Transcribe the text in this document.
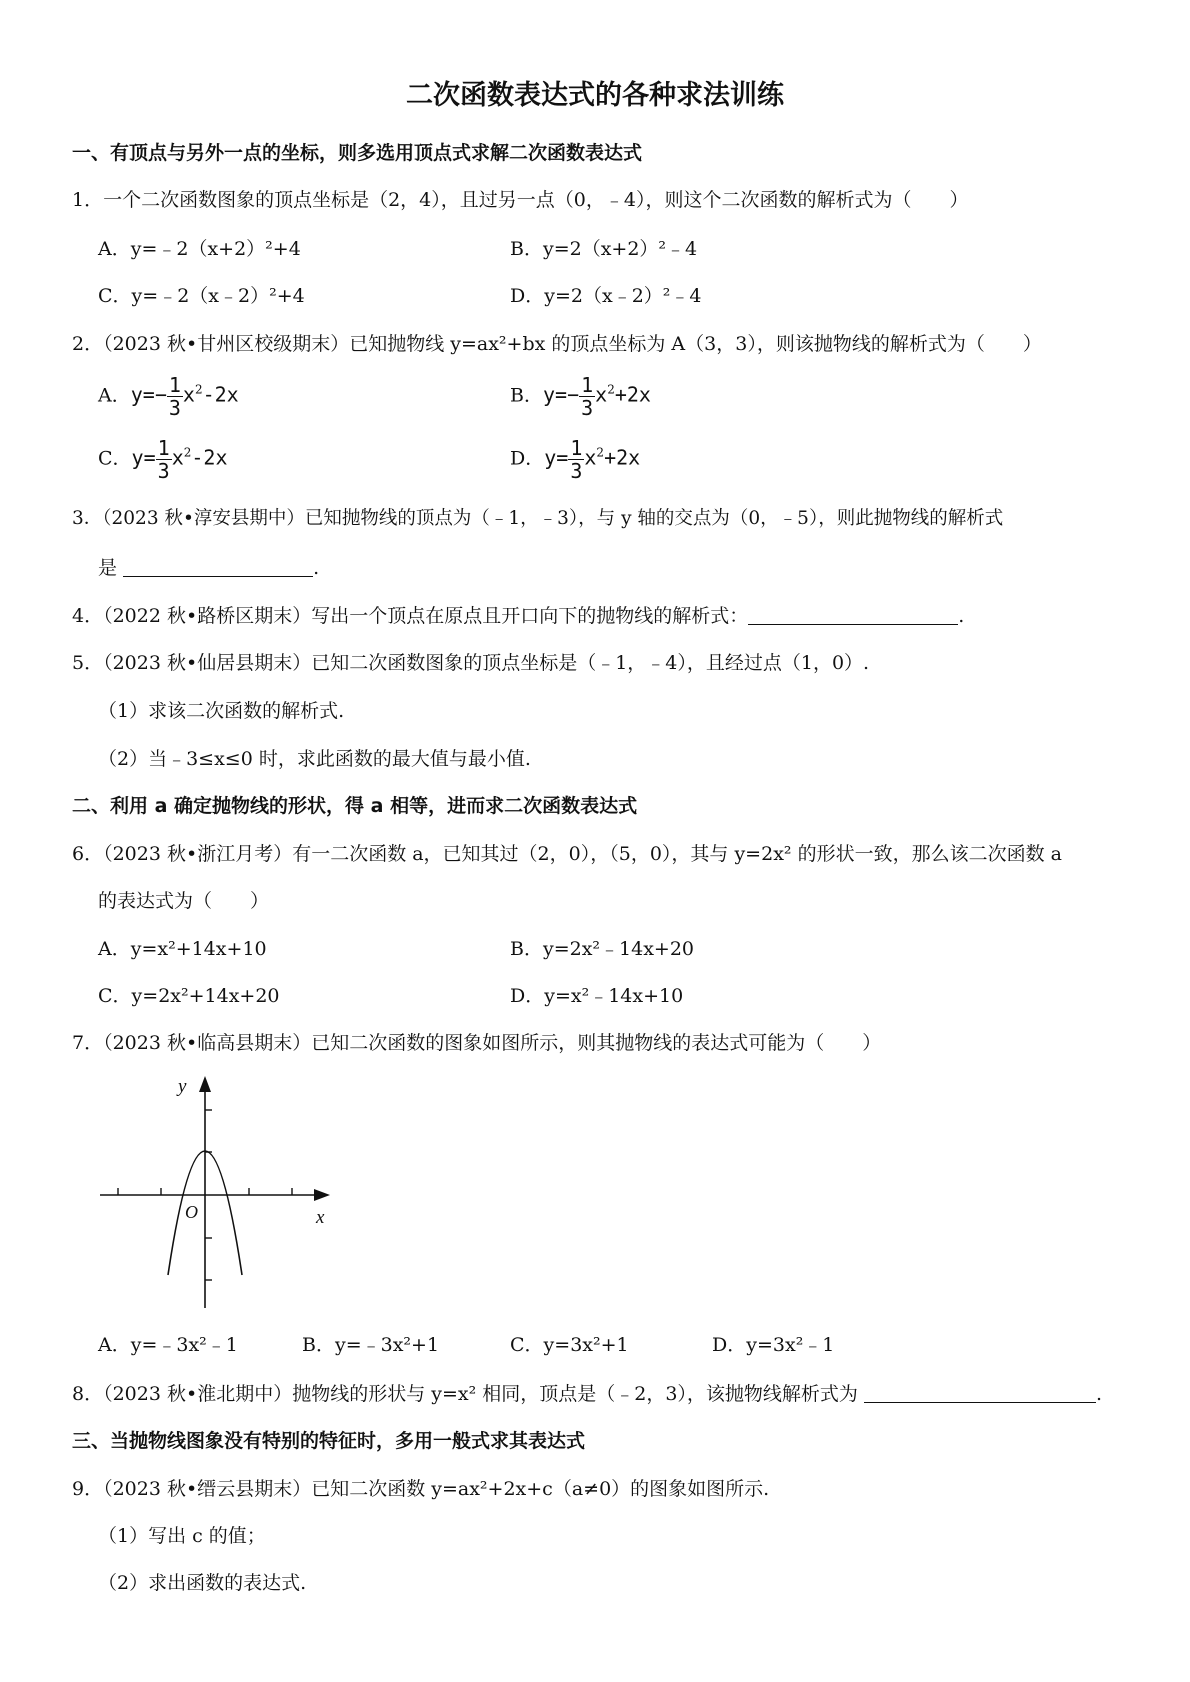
二次函数表达式的各种求法训练
一、有顶点与另外一点的坐标，则多选用顶点式求解二次函数表达式
1．一个二次函数图象的顶点坐标是（2，4），且过另一点（0，﹣4），则这个二次函数的解析式为（　　）
A．y=﹣2（x+2）²+4	B．y=2（x+2）²﹣4
C．y=﹣2（x﹣2）²+4	D．y=2（x﹣2）²﹣4
2．（2023 秋•甘州区校级期末）已知抛物线 y=ax²+bx 的顶点坐标为 A（3，3），则该抛物线的解析式为（　　）
A．$y=- \frac{1}{3} x^2-2x$	B．$y=- \frac{1}{3} x^2+2x$
C．$y= \frac{1}{3} x^2-2x$	D．$y= \frac{1}{3} x^2+2x$
3．（2023 秋•淳安县期中）已知抛物线的顶点为（﹣1，﹣3），与 y 轴的交点为（0，﹣5），则此抛物线的解析式
是	.
4．（2022 秋•路桥区期末）写出一个顶点在原点且开口向下的抛物线的解析式：	.
5．（2023 秋•仙居县期末）已知二次函数图象的顶点坐标是（﹣1，﹣4），且经过点（1，0）.
（1）求该二次函数的解析式.
（2）当﹣3≤x≤0 时，求此函数的最大值与最小值.
二、利用 a 确定抛物线的形状，得 a 相等，进而求二次函数表达式
6．（2023 秋•浙江月考）有一二次函数 a，已知其过（2，0），（5，0），其与 y=2x² 的形状一致，那么该二次函数 a
的表达式为（　　）
A．y=x²+14x+10	B．y=2x²﹣14x+20
C．y=2x²+14x+20	D．y=x²﹣14x+10
7．（2023 秋•临高县期末）已知二次函数的图象如图所示，则其抛物线的表达式可能为（　　）
y
x
O
A．y=﹣3x²﹣1	B．y=﹣3x²+1	C．y=3x²+1	D．y=3x²﹣1
8．（2023 秋•淮北期中）抛物线的形状与 y=x² 相同，顶点是（﹣2，3），该抛物线解析式为	.
三、当抛物线图象没有特别的特征时，多用一般式求其表达式
9．（2023 秋•缙云县期末）已知二次函数 y=ax²+2x+c（a≠0）的图象如图所示.
（1）写出 c 的值；
（2）求出函数的表达式.
